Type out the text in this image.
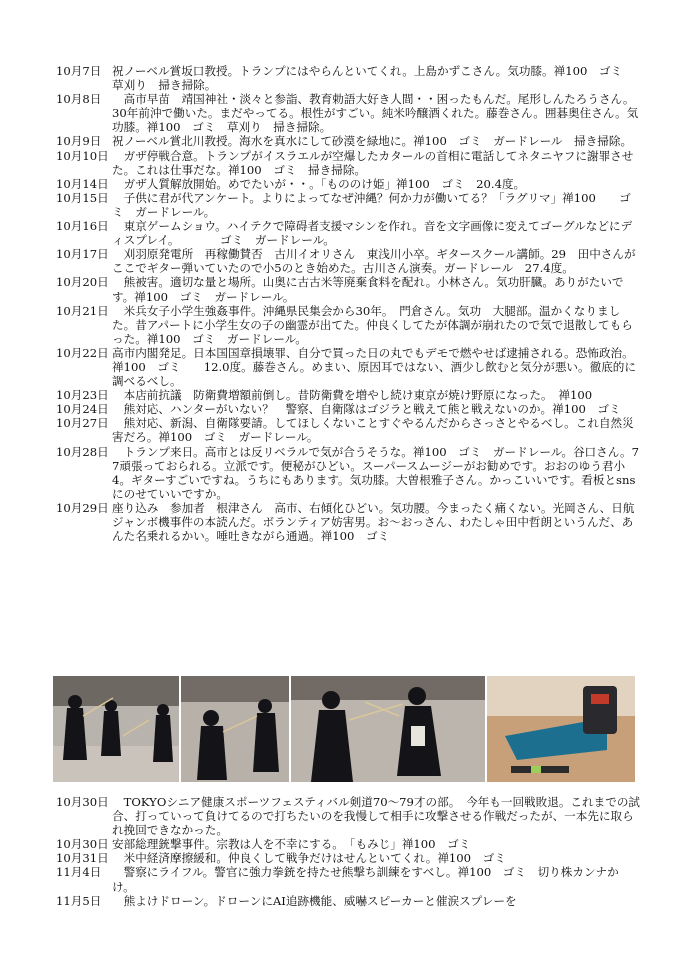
10月7日 祝ノーベル賞坂口教授。トランプにはやらんといてくれ。上島かずこさん。気功膝。禅100　ゴミ　草刈り　掃き掃除。
10月8日 　高市早苗　靖国神社・淡々と参詣、教育勅語大好き人間・・困ったもんだ。尾形しんたろうさん。30年前沖で働いた。まだやってる。根性がすごい。純米吟醸酒くれた。藤巻さん。囲碁奥住さん。気功膝。禅100　ゴミ　草刈り　掃き掃除。
10月9日 祝ノーベル賞北川教授。海水を真水にして砂漠を緑地に。禅100　ゴミ　ガードレール　掃き掃除。
10月10日 　ガザ停戦合意。トランプがイスラエルが空爆したカタールの首相に電話してネタニヤフに謝罪させた。これは仕事だな。禅100　ゴミ　掃き掃除。
10月14日 　ガザ人質解放開始。めでたいが・・。「もののけ姫」禅100　ゴミ　20.4度。
10月15日 　子供に君が代アンケート。よりによってなぜ沖縄？何か力が働いてる？「ラグリマ」禅100　　ゴミ　ガードレール。
10月16日 　東京ゲームショウ。ハイテクで障碍者支援マシンを作れ。音を文字画像に変えてゴーグルなどにディスプレイ。　　　　ゴミ　ガードレール。
10月17日 　刈羽原発電所　再稼働賛否　古川イオリさん　東浅川小卒。ギタースクール講師。29　田中さんがここでギター弾いていたので小5のとき始めた。古川さん演奏。ガードレール　27.4度。
10月20日 　熊被害。適切な量と場所。山奥に古古米等廃棄食料を配れ。小林さん。気功肝臓。ありがたいです。禅100　ゴミ　ガードレール。
10月21日 　米兵女子小学生強姦事件。沖縄県民集会から30年。　門倉さん。気功　大腿部。温かくなりました。昔アパートに小学生女の子の幽霊が出てた。仲良くしてたが体調が崩れたので気で退散してもらった。禅100　ゴミ　ガードレール。
10月22日 高市内閣発足。日本国国章損壊罪、自分で買った日の丸でもデモで燃やせば逮捕される。恐怖政治。禅100　ゴミ　　12.0度。藤巻さん。めまい、原因耳ではない、酒少し飲むと気分が悪い。徹底的に調べるべし。
10月23日 　本店前抗議　防衛費増額前倒し。昔防衛費を増やし続け東京が焼け野原になった。　禅100
10月24日 　熊対応、ハンターがいない？　警察、自衛隊はゴジラと戦えて熊と戦えないのか。禅100　ゴミ
10月27日 　熊対応、新潟、自衛隊要請。してほしくないことすぐやるんだからさっさとやるべし。これ自然災害だろ。禅100　ゴミ　ガードレール。
10月28日 　トランプ来日。高市とは反リベラルで気が合うそうな。禅100　ゴミ　ガードレール。谷口さん。77頑張っておられる。立派です。便秘がひどい。スーパースムージーがお勧めです。おおのゆう君小4。ギターすごいですね。うちにもあります。気功膝。大曽根雅子さん。かっこいいです。看板とsnsにのせていいですか。
10月29日 座り込み　参加者　根津さん　高市、右傾化ひどい。気功腰。今まったく痛くない。光岡さん、日航ジャンボ機事件の本読んだ。ボランティア妨害男。お～おっさん、わたしゃ田中哲朗というんだ、あんた名乗れるかい。唾吐きながら通過。禅100　ゴミ
10月30日 　TOKYOシニア健康スポーツフェスティバル剣道70～79才の部。　今年も一回戦敗退。これまでの試合、打っていって負けてるので打ちたいのを我慢して相手に攻撃させる作戦だったが、一本先に取られ挽回できなかった。
10月30日 安部総理銃撃事件。宗教は人を不幸にする。　「もみじ」禅100　ゴミ
10月31日 　米中経済摩擦緩和。仲良くして戦争だけはせんといてくれ。禅100　ゴミ
11月4日 　警察にライフル。警官に強力拳銃を持たせ熊撃ち訓練をすべし。禅100　ゴミ　切り株カンナかけ。
11月5日 　熊よけドローン。ドローンにAI追跡機能、威嚇スピーカーと催涙スプレーを
